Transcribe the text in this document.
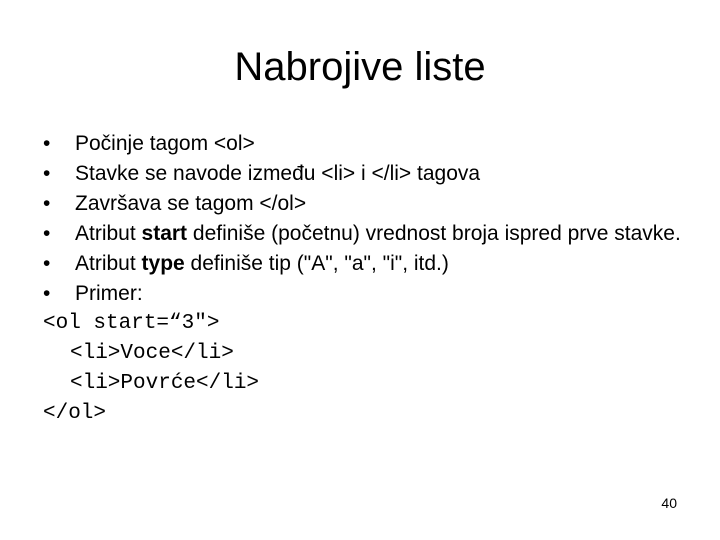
Nabrojive liste
•	Počinje tagom <ol>
•	Stavke se navode između <li> i </li> tagova
•	Završava se tagom </ol>
•	Atribut start definiše (početnu) vrednost broja ispred prve stavke.
•	Atribut type definiše tip ("A", "a", "i", itd.)
•	Primer:
<ol start=“3">
<li>Voce</li>
<li>Povrće</li>
</ol>
40
